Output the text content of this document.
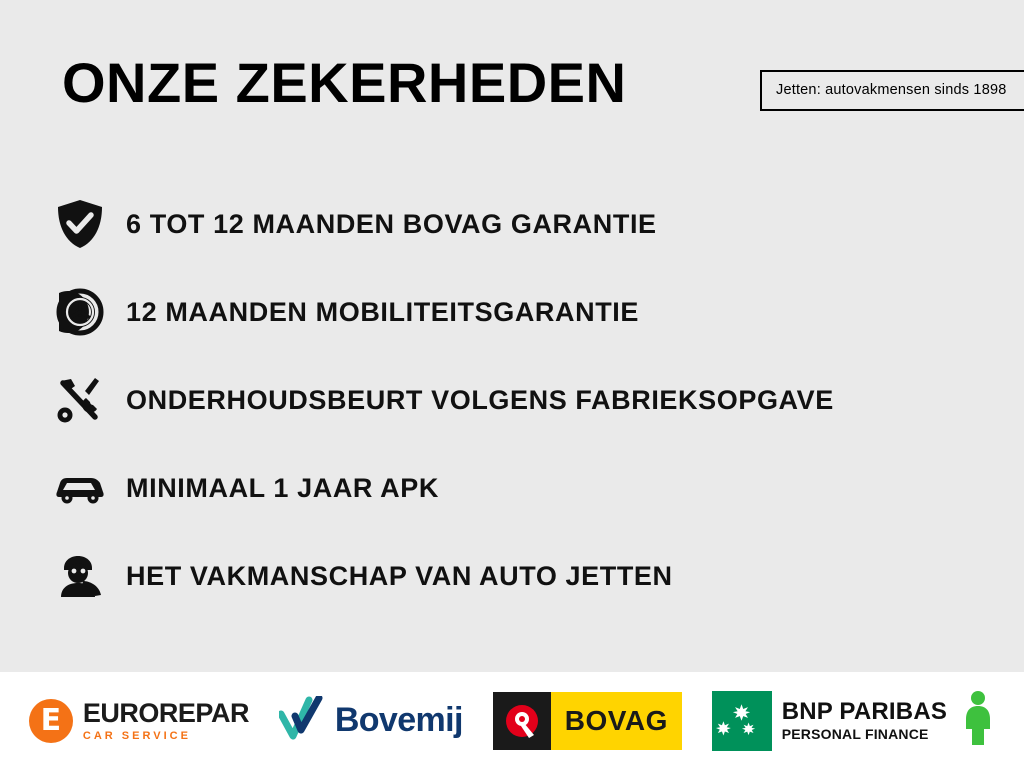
ONZE ZEKERHEDEN	Jetten: autovakmensen sinds 1898
6 TOT 12 MAANDEN BOVAG GARANTIE
12 MAANDEN MOBILITEITSGARANTIE
ONDERHOUDSBEURT VOLGENS FABRIEKSOPGAVE
MINIMAAL 1 JAAR APK
HET VAKMANSCHAP VAN AUTO JETTEN
E EUROREPAR
CAR SERVICE	Bovemij	BOVAG	BNP PARIBAS
PERSONAL FINANCE
